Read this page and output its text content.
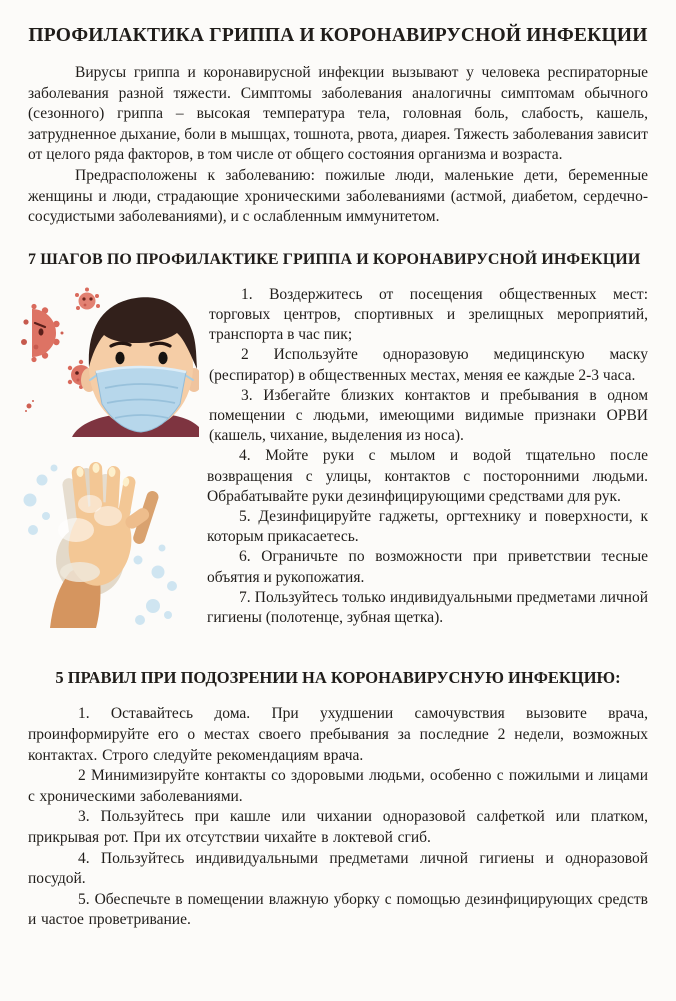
ПРОФИЛАКТИКА ГРИППА И КОРОНАВИРУСНОЙ ИНФЕКЦИИ

Вирусы гриппа и коронавирусной инфекции вызывают у человека респираторные заболевания разной тяжести. Симптомы заболевания аналогичны симптомам обычного (сезонного) гриппа – высокая температура тела, головная боль, слабость, кашель, затрудненное дыхание, боли в мышцах, тошнота, рвота, диарея. Тяжесть заболевания зависит от целого ряда факторов, в том числе от общего состояния организма и возраста.

Предрасположены к заболеванию: пожилые люди, маленькие дети, беременные женщины и люди, страдающие хроническими заболеваниями (астмой, диабетом, сердечно-сосудистыми заболеваниями), и с ослабленным иммунитетом.

7 ШАГОВ ПО ПРОФИЛАКТИКЕ ГРИППА И КОРОНАВИРУСНОЙ ИНФЕКЦИИ

1. Воздержитесь от посещения общественных мест: торговых центров, спортивных и зрелищных мероприятий, транспорта в час пик;

2 Используйте одноразовую медицинскую маску (респиратор) в общественных местах, меняя ее каждые 2-3 часа.

3. Избегайте близких контактов и пребывания в одном помещении с людьми, имеющими видимые признаки ОРВИ (кашель, чихание, выделения из носа).

4. Мойте руки с мылом и водой тщательно после возвращения с улицы, контактов с посторонними людьми. Обрабатывайте руки дезинфицирующими средствами для рук.

5. Дезинфицируйте гаджеты, оргтехнику и поверхности, к которым прикасаетесь.

6. Ограничьте по возможности при приветствии тесные объятия и рукопожатия.

7. Пользуйтесь только индивидуальными предметами личной гигиены (полотенце, зубная щетка).

5 ПРАВИЛ ПРИ ПОДОЗРЕНИИ НА КОРОНАВИРУСНУЮ ИНФЕКЦИЮ:

1. Оставайтесь дома. При ухудшении самочувствия вызовите врача, проинформируйте его о местах своего пребывания за последние 2 недели, возможных контактах. Строго следуйте рекомендациям врача.

2 Минимизируйте контакты со здоровыми людьми, особенно с пожилыми и лицами с хроническими заболеваниями.

3. Пользуйтесь при кашле или чихании одноразовой салфеткой или платком, прикрывая рот. При их отсутствии чихайте в локтевой сгиб.

4. Пользуйтесь индивидуальными предметами личной гигиены и одноразовой посудой.

5. Обеспечьте в помещении влажную уборку с помощью дезинфицирующих средств и частое проветривание.
